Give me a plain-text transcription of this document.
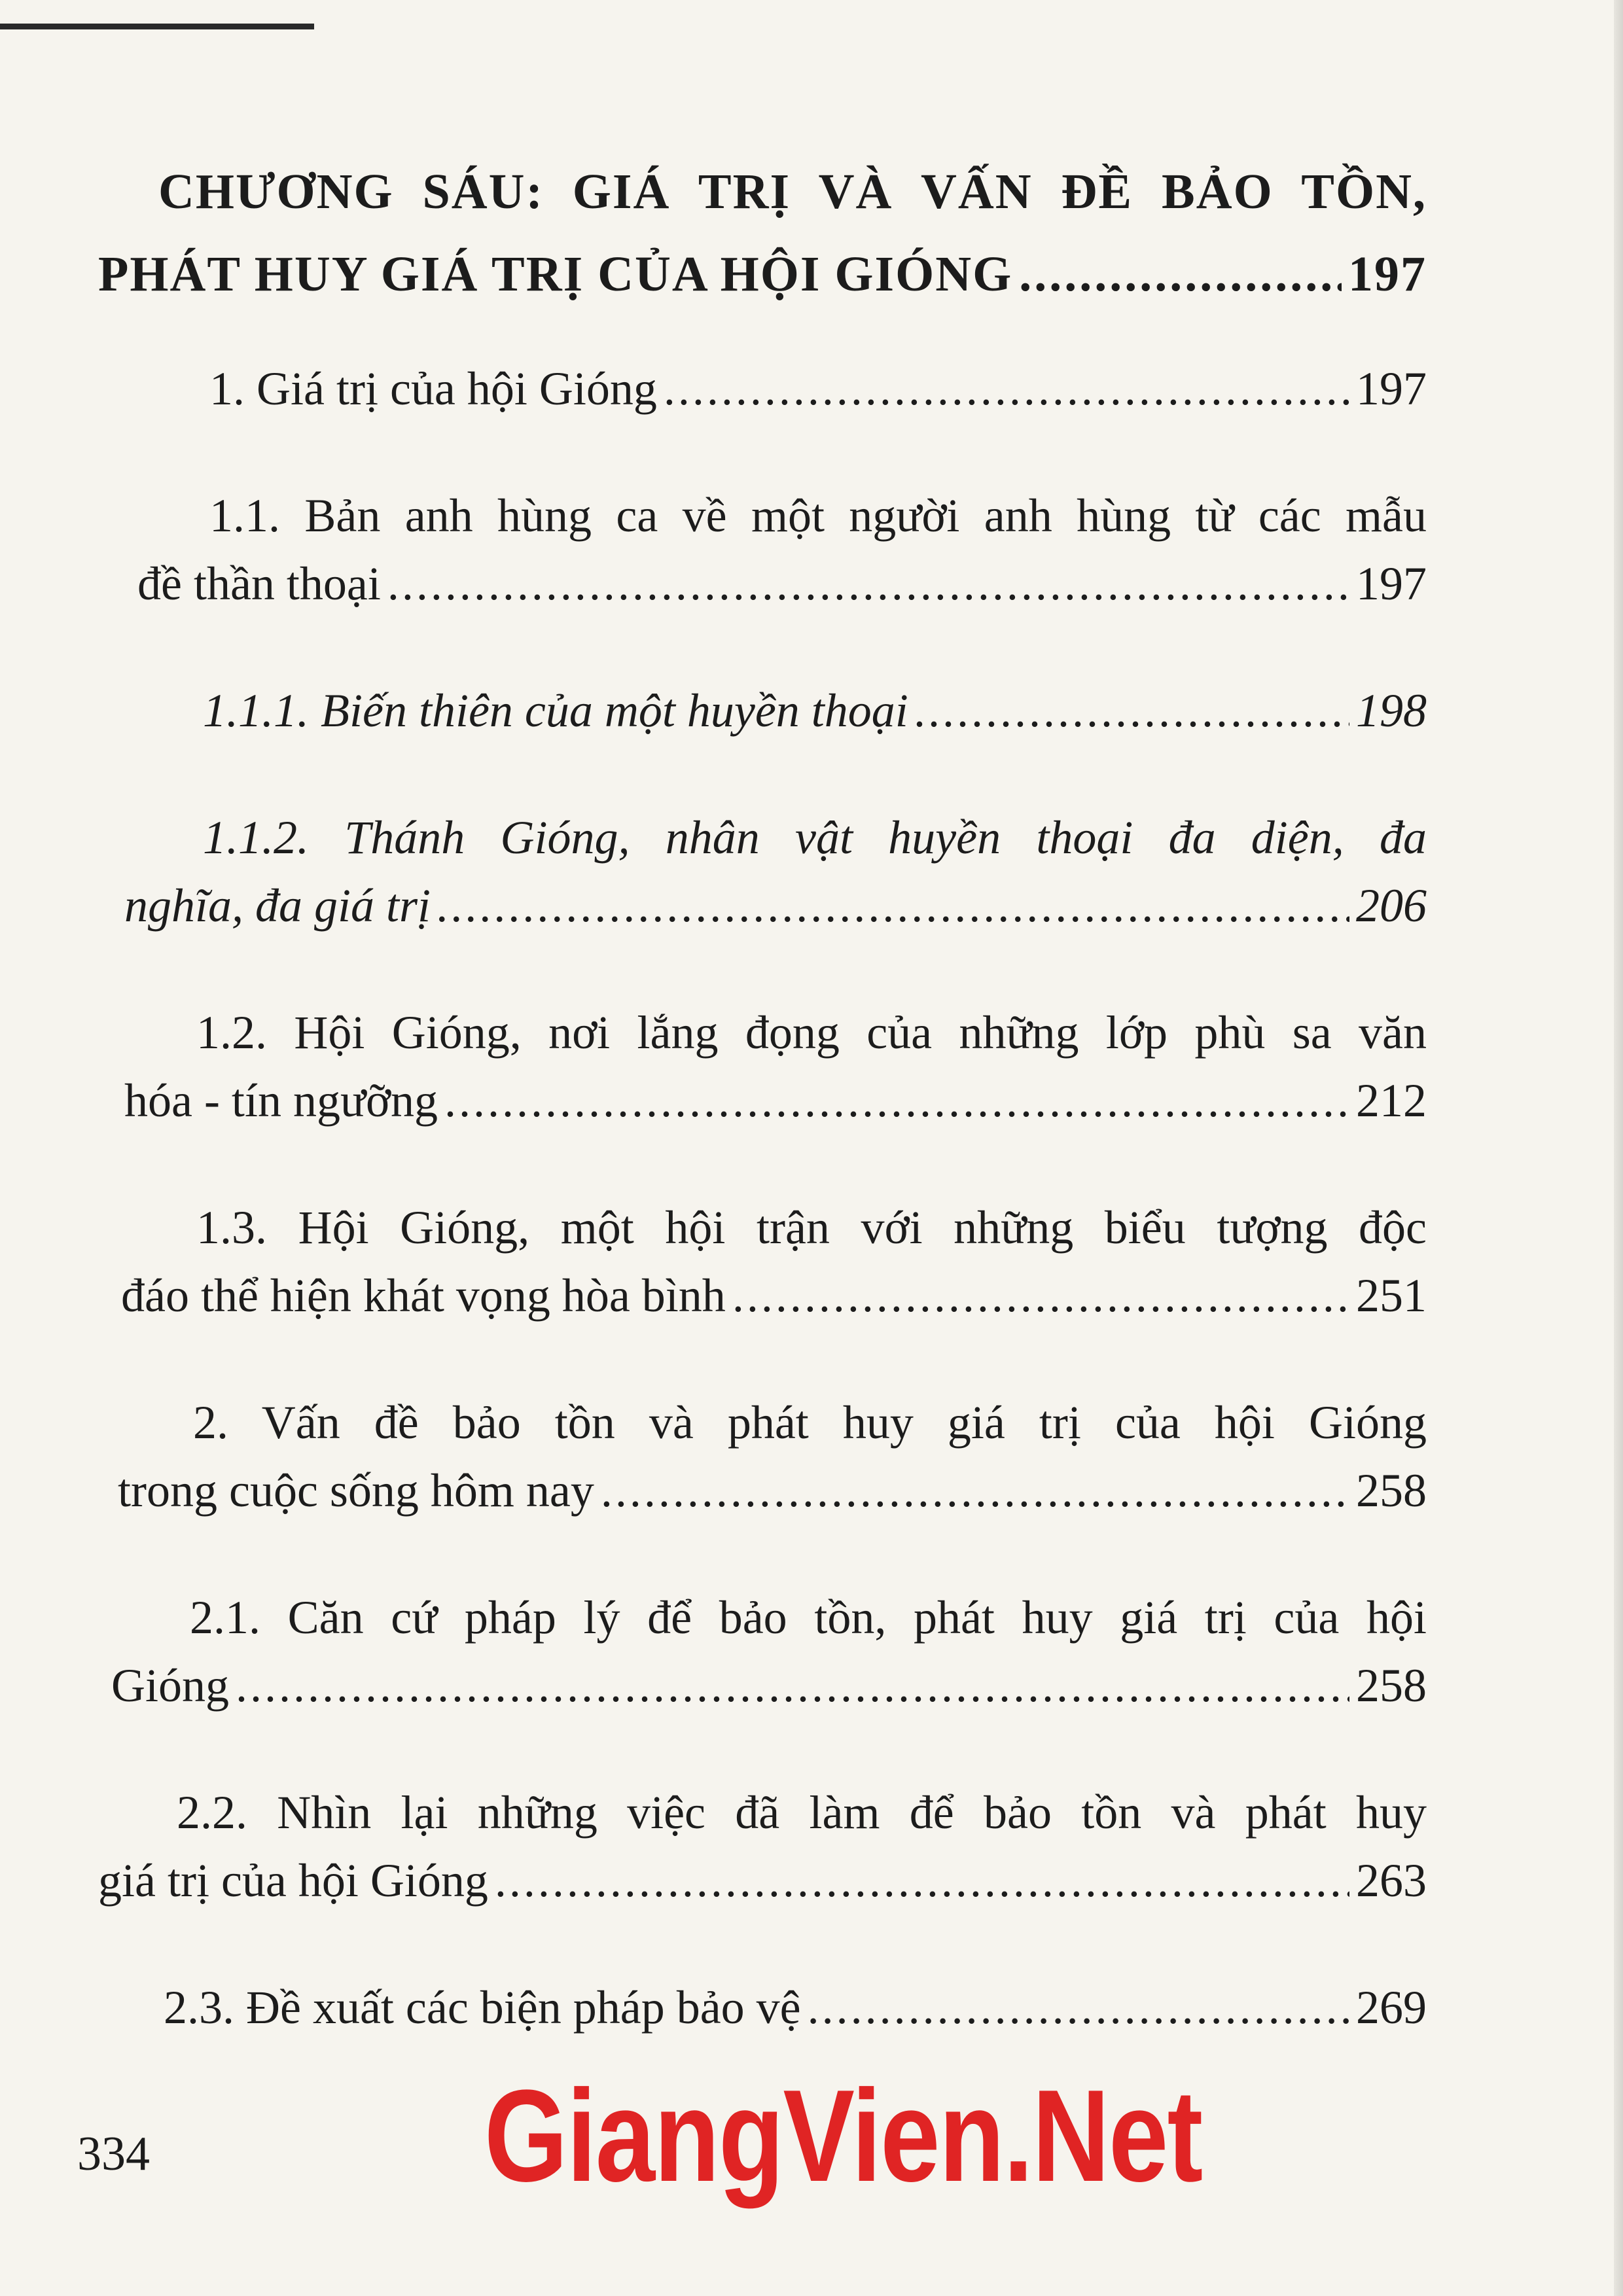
CHƯƠNG SÁU: GIÁ TRỊ VÀ VẤN ĐỀ BẢO TỒN,
PHÁT HUY GIÁ TRỊ CỦA HỘI GIÓNG .....	197
1. Giá trị của hội Gióng .....	197
1.1. Bản anh hùng ca về một người anh hùng từ các mẫu
đề thần thoại .....	197
1.1.1. Biến thiên của một huyền thoại .....	198
1.1.2. Thánh Gióng, nhân vật huyền thoại đa diện, đa
nghĩa, đa giá trị .....	206
1.2. Hội Gióng, nơi lắng đọng của những lớp phù sa văn
hóa - tín ngưỡng .....	212
1.3. Hội Gióng, một hội trận với những biểu tượng độc
đáo thể hiện khát vọng hòa bình .....	251
2. Vấn đề bảo tồn và phát huy giá trị của hội Gióng
trong cuộc sống hôm nay .....	258
2.1. Căn cứ pháp lý để bảo tồn, phát huy giá trị của hội
Gióng .....	258
2.2. Nhìn lại những việc đã làm để bảo tồn và phát huy
giá trị của hội Gióng .....	263
2.3. Đề xuất các biện pháp bảo vệ .....	269
334	GiangVien.Net
